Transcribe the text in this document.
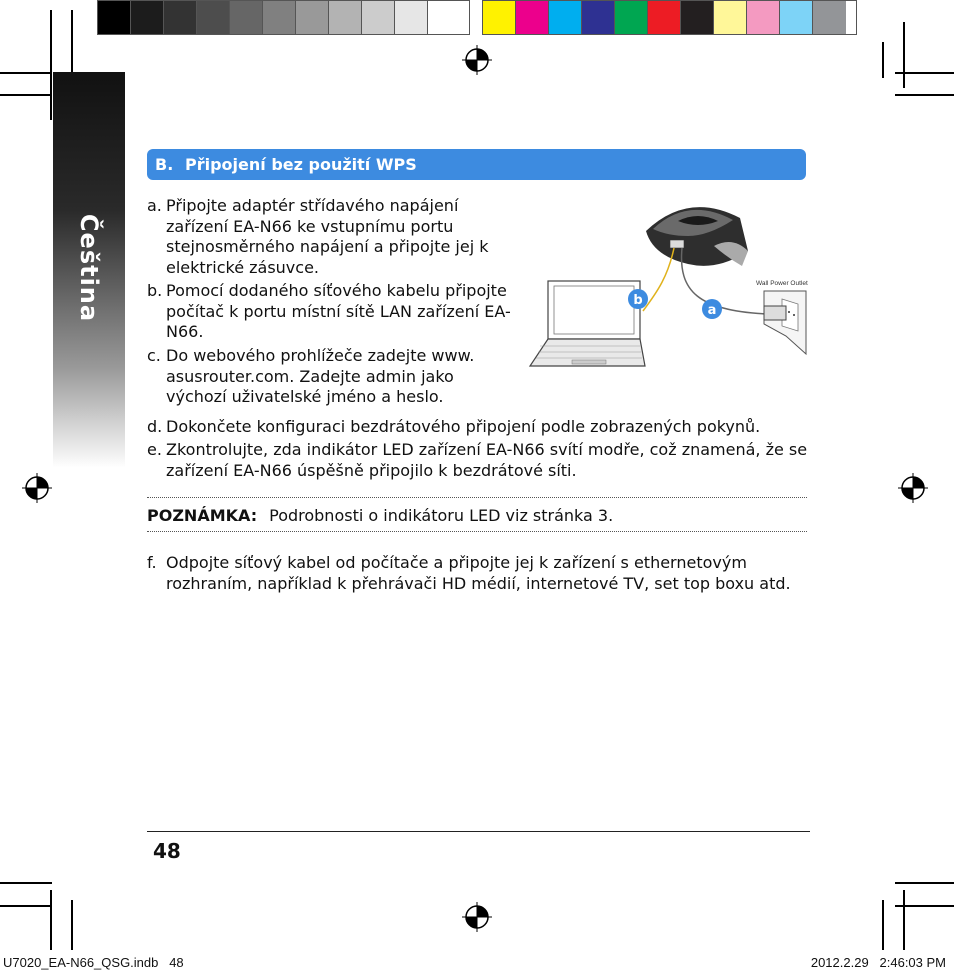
Čeština
B. Připojení bez použití WPS
a. Připojte adaptér střídavého napájení zařízení EA-N66 ke vstupnímu portu stejnosměrného napájení a připojte jej k elektrické zásuvce.
b. Pomocí dodaného síťového kabelu připojte počítač k portu místní sítě LAN zařízení EA-N66.
c. Do webového prohlížeče zadejte www. asusrouter.com. Zadejte admin jako výchozí uživatelské jméno a heslo.
d. Dokončete konfiguraci bezdrátového připojení podle zobrazených pokynů.
e. Zkontrolujte, zda indikátor LED zařízení EA-N66 svítí modře, což znamená, že se zařízení EA-N66 úspěšně připojilo k bezdrátové síti.
Wall Power Outlet
b
a
POZNÁMKA: Podrobnosti o indikátoru LED viz stránka 3.
f. Odpojte síťový kabel od počítače a připojte jej k zařízení s ethernetovým rozhraním, například k přehrávači HD médií, internetové TV, set top boxu atd.
48
U7020_EA-N66_QSG.indb   48	2012.2.29   2:46:03 PM
